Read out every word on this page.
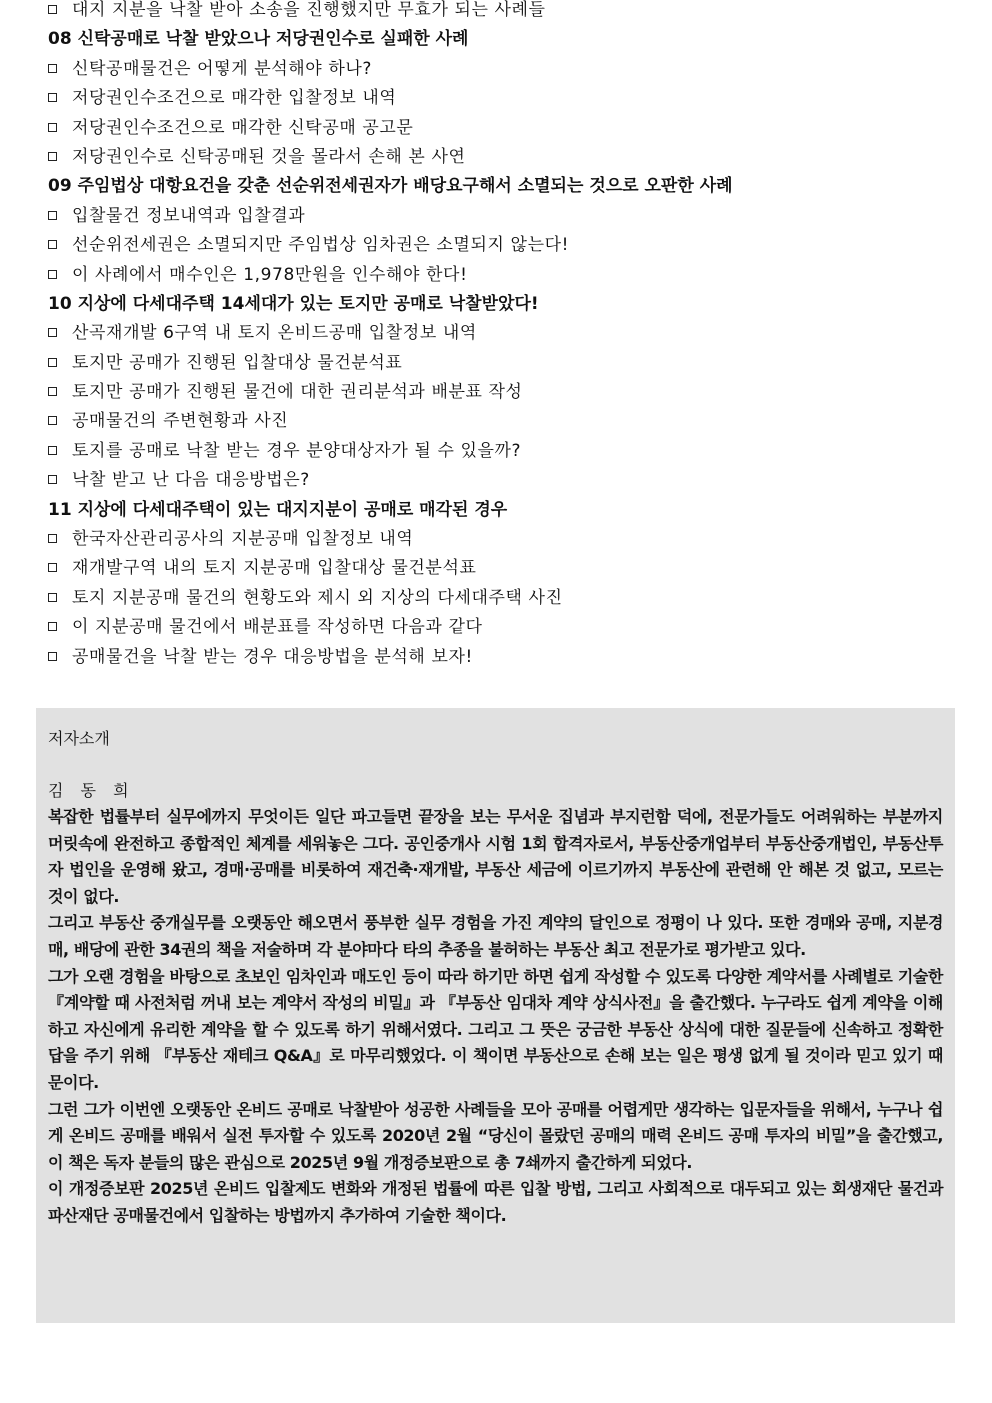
대지 지분을 낙찰 받아 소송을 진행했지만 무효가 되는 사례들
08 신탁공매로 낙찰 받았으나 저당권인수로 실패한 사례
신탁공매물건은 어떻게 분석해야 하나?
저당권인수조건으로 매각한 입찰정보 내역
저당권인수조건으로 매각한 신탁공매 공고문
저당권인수로 신탁공매된 것을 몰라서 손해 본 사연
09 주임법상 대항요건을 갖춘 선순위전세권자가 배당요구해서 소멸되는 것으로 오판한 사례
입찰물건 정보내역과 입찰결과
선순위전세권은 소멸되지만 주임법상 임차권은 소멸되지 않는다!
이 사례에서 매수인은 1,978만원을 인수해야 한다!
10 지상에 다세대주택 14세대가 있는 토지만 공매로 낙찰받았다!
산곡재개발 6구역 내 토지 온비드공매 입찰정보 내역
토지만 공매가 진행된 입찰대상 물건분석표
토지만 공매가 진행된 물건에 대한 권리분석과 배분표 작성
공매물건의 주변현황과 사진
토지를 공매로 낙찰 받는 경우 분양대상자가 될 수 있을까?
낙찰 받고 난 다음 대응방법은?
11 지상에 다세대주택이 있는 대지지분이 공매로 매각된 경우
한국자산관리공사의 지분공매 입찰정보 내역
재개발구역 내의 토지 지분공매 입찰대상 물건분석표
토지 지분공매 물건의 현황도와 제시 외 지상의 다세대주택 사진
이 지분공매 물건에서 배분표를 작성하면 다음과 같다
공매물건을 낙찰 받는 경우 대응방법을 분석해 보자!
저자소개
김 동 희

복잡한 법률부터 실무에까지 무엇이든 일단 파고들면 끝장을 보는 무서운 집념과 부지런함 덕에, 전문가들도 어려워하는 부분까지 머릿속에 완전하고 종합적인 체계를 세워놓은 그다. 공인중개사 시험 1회 합격자로서, 부동산중개업부터 부동산중개법인, 부동산투자 법인을 운영해 왔고, 경매·공매를 비롯하여 재건축·재개발, 부동산 세금에 이르기까지 부동산에 관련해 안 해본 것 없고, 모르는 것이 없다.

그리고 부동산 중개실무를 오랫동안 해오면서 풍부한 실무 경험을 가진 계약의 달인으로 정평이 나 있다. 또한 경매와 공매, 지분경매, 배당에 관한 34권의 책을 저술하며 각 분야마다 타의 추종을 불허하는 부동산 최고 전문가로 평가받고 있다.

그가 오랜 경험을 바탕으로 초보인 임차인과 매도인 등이 따라 하기만 하면 쉽게 작성할 수 있도록 다양한 계약서를 사례별로 기술한『계약할 때 사전처럼 꺼내 보는 계약서 작성의 비밀』과 『부동산 임대차 계약 상식사전』을 출간했다. 누구라도 쉽게 계약을 이해하고 자신에게 유리한 계약을 할 수 있도록 하기 위해서였다. 그리고 그 뜻은 궁금한 부동산 상식에 대한 질문들에 신속하고 정확한 답을 주기 위해 『부동산 재테크 Q&A』로 마무리했었다. 이 책이면 부동산으로 손해 보는 일은 평생 없게 될 것이라 믿고 있기 때문이다.

그런 그가 이번엔 오랫동안 온비드 공매로 낙찰받아 성공한 사례들을 모아 공매를 어렵게만 생각하는 입문자들을 위해서, 누구나 쉽게 온비드 공매를 배워서 실전 투자할 수 있도록 2020년 2월 “당신이 몰랐던 공매의 매력 온비드 공매 투자의 비밀”을 출간했고, 이 책은 독자 분들의 많은 관심으로 2025년 9월 개정증보판으로 총 7쇄까지 출간하게 되었다.

이 개정증보판 2025년 온비드 입찰제도 변화와 개정된 법률에 따른 입찰 방법, 그리고 사회적으로 대두되고 있는 회생재단 물건과 파산재단 공매물건에서 입찰하는 방법까지 추가하여 기술한 책이다.
